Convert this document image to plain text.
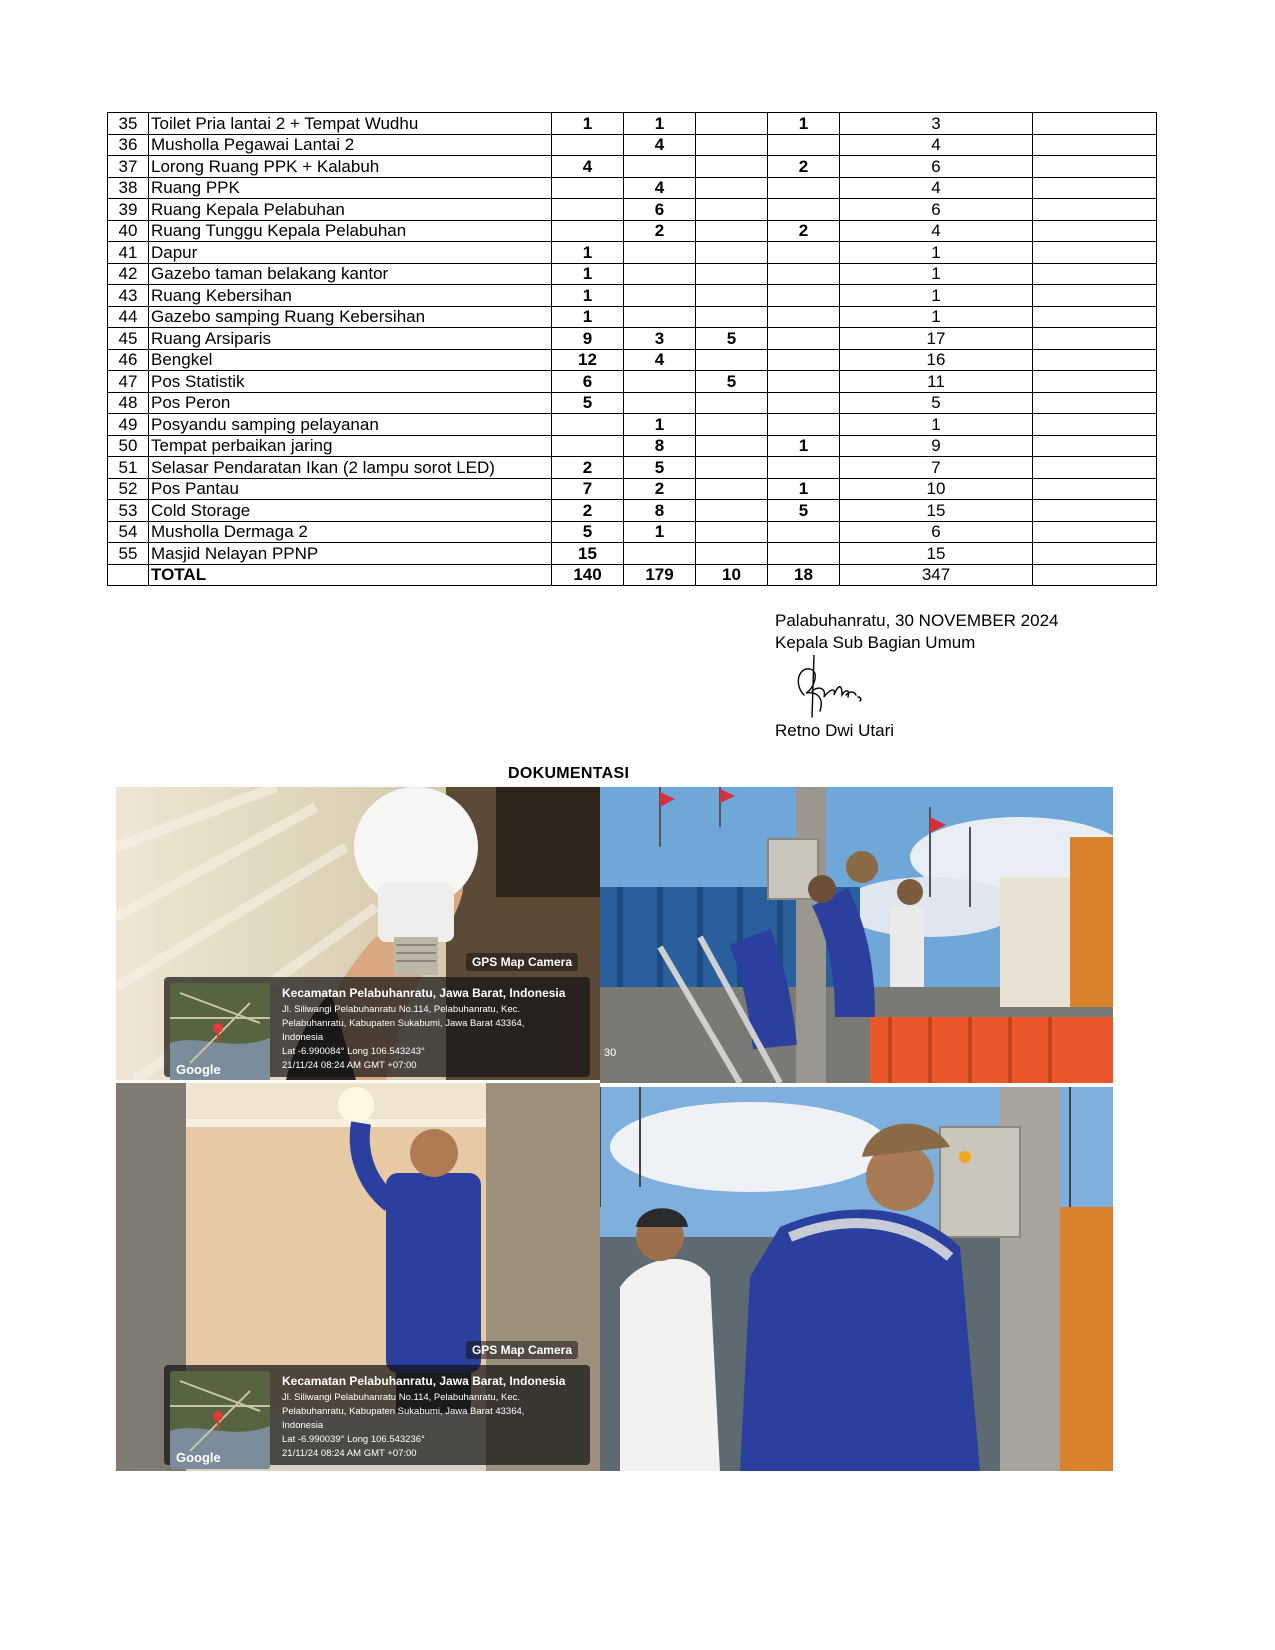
35	Toilet Pria lantai 2 + Tempat Wudhu	1	1		1	3	
36	Musholla Pegawai Lantai 2		4			4	
37	Lorong Ruang PPK + Kalabuh	4			2	6	
38	Ruang PPK		4			4	
39	Ruang Kepala Pelabuhan		6			6	
40	Ruang Tunggu Kepala Pelabuhan		2		2	4	
41	Dapur	1				1	
42	Gazebo taman belakang kantor	1				1	
43	Ruang Kebersihan	1				1	
44	Gazebo samping Ruang Kebersihan	1				1	
45	Ruang Arsiparis	9	3	5		17	
46	Bengkel	12	4			16	
47	Pos Statistik	6		5		11	
48	Pos Peron	5				5	
49	Posyandu samping pelayanan		1			1	
50	Tempat perbaikan jaring		8		1	9	
51	Selasar Pendaratan Ikan (2 lampu sorot LED)	2	5			7	
52	Pos Pantau	7	2		1	10	
53	Cold Storage	2	8		5	15	
54	Musholla Dermaga 2	5	1			6	
55	Masjid Nelayan PPNP	15				15	
	TOTAL	140	179	10	18	347	
Palabuhanratu, 30 NOVEMBER 2024
Kepala Sub Bagian Umum
Retno Dwi Utari
DOKUMENTASI
GPS Map Camera
Google
Kecamatan Pelabuhanratu, Jawa Barat, Indonesia
Jl. Siliwangi Pelabuhanratu No.114, Pelabuhanratu, Kec.
Pelabuhanratu, Kabupaten Sukabumi, Jawa Barat 43364,
Indonesia
Lat -6.990084° Long 106.543243°
21/11/24 08:24 AM GMT +07:00
30
GPS Map Camera
Google
Kecamatan Pelabuhanratu, Jawa Barat, Indonesia
Jl. Siliwangi Pelabuhanratu No.114, Pelabuhanratu, Kec.
Pelabuhanratu, Kabupaten Sukabumi, Jawa Barat 43364,
Indonesia
Lat -6.990039° Long 106.543236°
21/11/24 08:24 AM GMT +07:00
